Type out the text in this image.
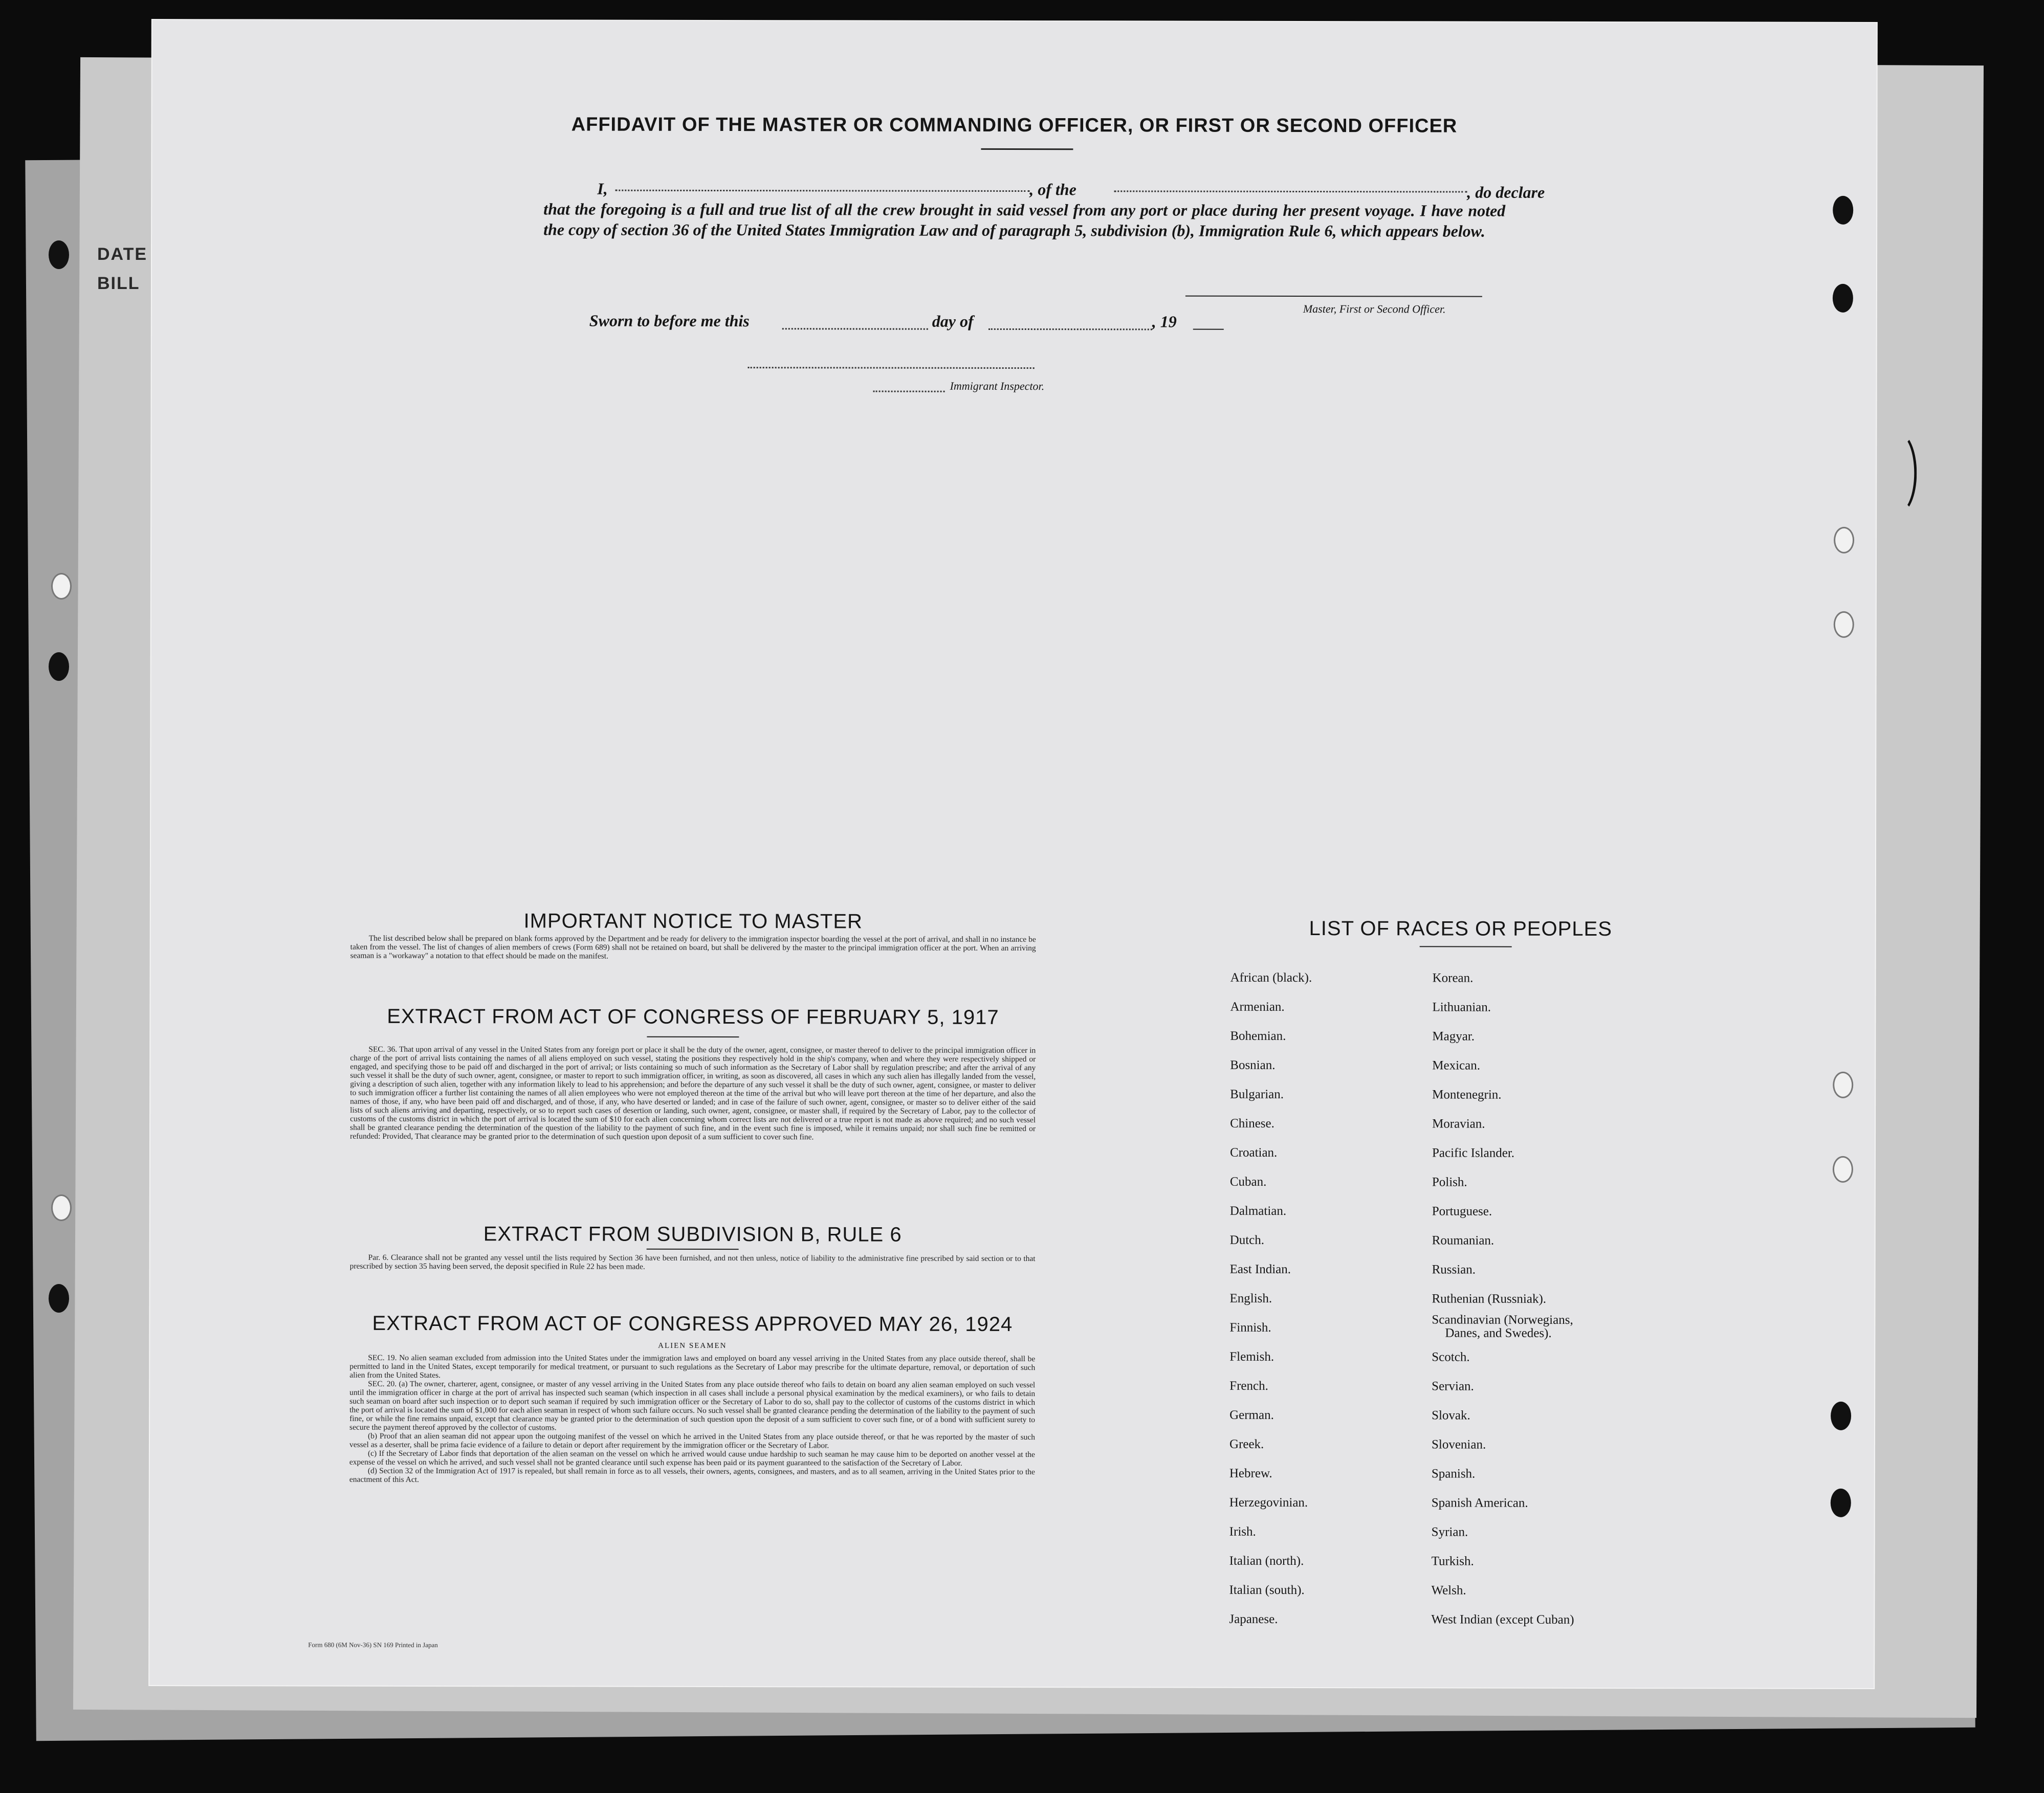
DATE
BILL
AFFIDAVIT OF THE MASTER OR COMMANDING OFFICER, OR FIRST OR SECOND OFFICER
I,	, of the	, do declare

that the foregoing is a full and true list of all the crew brought in said vessel from any port or place during her present voyage. I have noted the copy of section 36 of the United States Immigration Law and of paragraph 5, subdivision (b), Immigration Rule 6, which appears below.

Master, First or Second Officer.
Sworn to before me this	day of	, 19
Immigrant Inspector.
IMPORTANT NOTICE TO MASTER

The list described below shall be prepared on blank forms approved by the Department and be ready for delivery to the immigration inspector boarding the vessel at the port of arrival, and shall in no instance be taken from the vessel. The list of changes of alien members of crews (Form 689) shall not be retained on board, but shall be delivered by the master to the principal immigration officer at the port. When an arriving seaman is a "workaway" a notation to that effect should be made on the manifest.

EXTRACT FROM ACT OF CONGRESS OF FEBRUARY 5, 1917

SEC. 36. That upon arrival of any vessel in the United States from any foreign port or place it shall be the duty of the owner, agent, consignee, or master thereof to deliver to the principal immigration officer in charge of the port of arrival lists containing the names of all aliens employed on such vessel, stating the positions they respectively hold in the ship's company, when and where they were respectively shipped or engaged, and specifying those to be paid off and discharged in the port of arrival; or lists containing so much of such information as the Secretary of Labor shall by regulation prescribe; and after the arrival of any such vessel it shall be the duty of such owner, agent, consignee, or master to report to such immigration officer, in writing, as soon as discovered, all cases in which any such alien has illegally landed from the vessel, giving a description of such alien, together with any information likely to lead to his apprehension; and before the departure of any such vessel it shall be the duty of such owner, agent, consignee, or master to deliver to such immigration officer a further list containing the names of all alien employees who were not employed thereon at the time of the arrival but who will leave port thereon at the time of her departure, and also the names of those, if any, who have been paid off and discharged, and of those, if any, who have deserted or landed; and in case of the failure of such owner, agent, consignee, or master so to deliver either of the said lists of such aliens arriving and departing, respectively, or so to report such cases of desertion or landing, such owner, agent, consignee, or master shall, if required by the Secretary of Labor, pay to the collector of customs of the customs district in which the port of arrival is located the sum of $10 for each alien concerning whom correct lists are not delivered or a true report is not made as above required; and no such vessel shall be granted clearance pending the determination of the question of the liability to the payment of such fine, and in the event such fine is imposed, while it remains unpaid; nor shall such fine be remitted or refunded: Provided, That clearance may be granted prior to the determination of such question upon deposit of a sum sufficient to cover such fine.

EXTRACT FROM SUBDIVISION B, RULE 6

Par. 6. Clearance shall not be granted any vessel until the lists required by Section 36 have been furnished, and not then unless, notice of liability to the administrative fine prescribed by said section or to that prescribed by section 35 having been served, the deposit specified in Rule 22 has been made.

EXTRACT FROM ACT OF CONGRESS APPROVED MAY 26, 1924
ALIEN SEAMEN

SEC. 19. No alien seaman excluded from admission into the United States under the immigration laws and employed on board any vessel arriving in the United States from any place outside thereof, shall be permitted to land in the United States, except temporarily for medical treatment, or pursuant to such regulations as the Secretary of Labor may prescribe for the ultimate departure, removal, or deportation of such alien from the United States.

SEC. 20. (a) The owner, charterer, agent, consignee, or master of any vessel arriving in the United States from any place outside thereof who fails to detain on board any alien seaman employed on such vessel until the immigration officer in charge at the port of arrival has inspected such seaman (which inspection in all cases shall include a personal physical examination by the medical examiners), or who fails to detain such seaman on board after such inspection or to deport such seaman if required by such immigration officer or the Secretary of Labor to do so, shall pay to the collector of customs of the customs district in which the port of arrival is located the sum of $1,000 for each alien seaman in respect of whom such failure occurs. No such vessel shall be granted clearance pending the determination of the liability to the payment of such fine, or while the fine remains unpaid, except that clearance may be granted prior to the determination of such question upon the deposit of a sum sufficient to cover such fine, or of a bond with sufficient surety to secure the payment thereof approved by the collector of customs.

(b) Proof that an alien seaman did not appear upon the outgoing manifest of the vessel on which he arrived in the United States from any place outside thereof, or that he was reported by the master of such vessel as a deserter, shall be prima facie evidence of a failure to detain or deport after requirement by the immigration officer or the Secretary of Labor.

(c) If the Secretary of Labor finds that deportation of the alien seaman on the vessel on which he arrived would cause undue hardship to such seaman he may cause him to be deported on another vessel at the expense of the vessel on which he arrived, and such vessel shall not be granted clearance until such expense has been paid or its payment guaranteed to the satisfaction of the Secretary of Labor.

(d) Section 32 of the Immigration Act of 1917 is repealed, but shall remain in force as to all vessels, their owners, agents, consignees, and masters, and as to all seamen, arriving in the United States prior to the enactment of this Act.

Form 680 (6M Nov-36) SN 169 Printed in Japan
LIST OF RACES OR PEOPLES
African (black).
Armenian.
Bohemian.
Bosnian.
Bulgarian.
Chinese.
Croatian.
Cuban.
Dalmatian.
Dutch.
East Indian.
English.
Finnish.
Flemish.
French.
German.
Greek.
Hebrew.
Herzegovinian.
Irish.
Italian (north).
Italian (south).
Japanese.
Korean.
Lithuanian.
Magyar.
Mexican.
Montenegrin.
Moravian.
Pacific Islander.
Polish.
Portuguese.
Roumanian.
Russian.
Ruthenian (Russniak).
Scandinavian (Norwegians,
Danes, and Swedes).
Scotch.
Servian.
Slovak.
Slovenian.
Spanish.
Spanish American.
Syrian.
Turkish.
Welsh.
West Indian (except Cuban)
